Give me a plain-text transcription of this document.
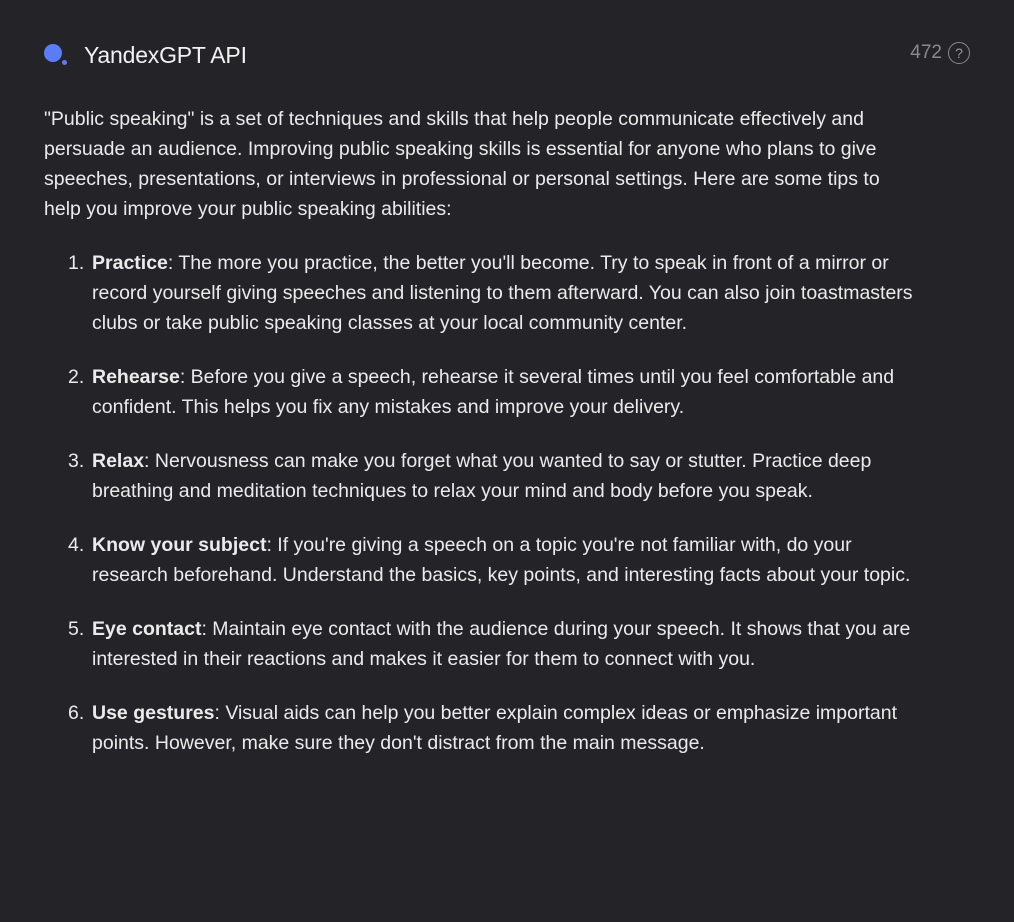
YandexGPT API	472 ?

"Public speaking" is a set of techniques and skills that help people communicate effectively and persuade an audience. Improving public speaking skills is essential for anyone who plans to give speeches, presentations, or interviews in professional or personal settings. Here are some tips to help you improve your public speaking abilities:

1. Practice: The more you practice, the better you'll become. Try to speak in front of a mirror or record yourself giving speeches and listening to them afterward. You can also join toastmasters clubs or take public speaking classes at your local community center.
2. Rehearse: Before you give a speech, rehearse it several times until you feel comfortable and confident. This helps you fix any mistakes and improve your delivery.
3. Relax: Nervousness can make you forget what you wanted to say or stutter. Practice deep breathing and meditation techniques to relax your mind and body before you speak.
4. Know your subject: If you're giving a speech on a topic you're not familiar with, do your research beforehand. Understand the basics, key points, and interesting facts about your topic.
5. Eye contact: Maintain eye contact with the audience during your speech. It shows that you are interested in their reactions and makes it easier for them to connect with you.
6. Use gestures: Visual aids can help you better explain complex ideas or emphasize important points. However, make sure they don't distract from the main message.
